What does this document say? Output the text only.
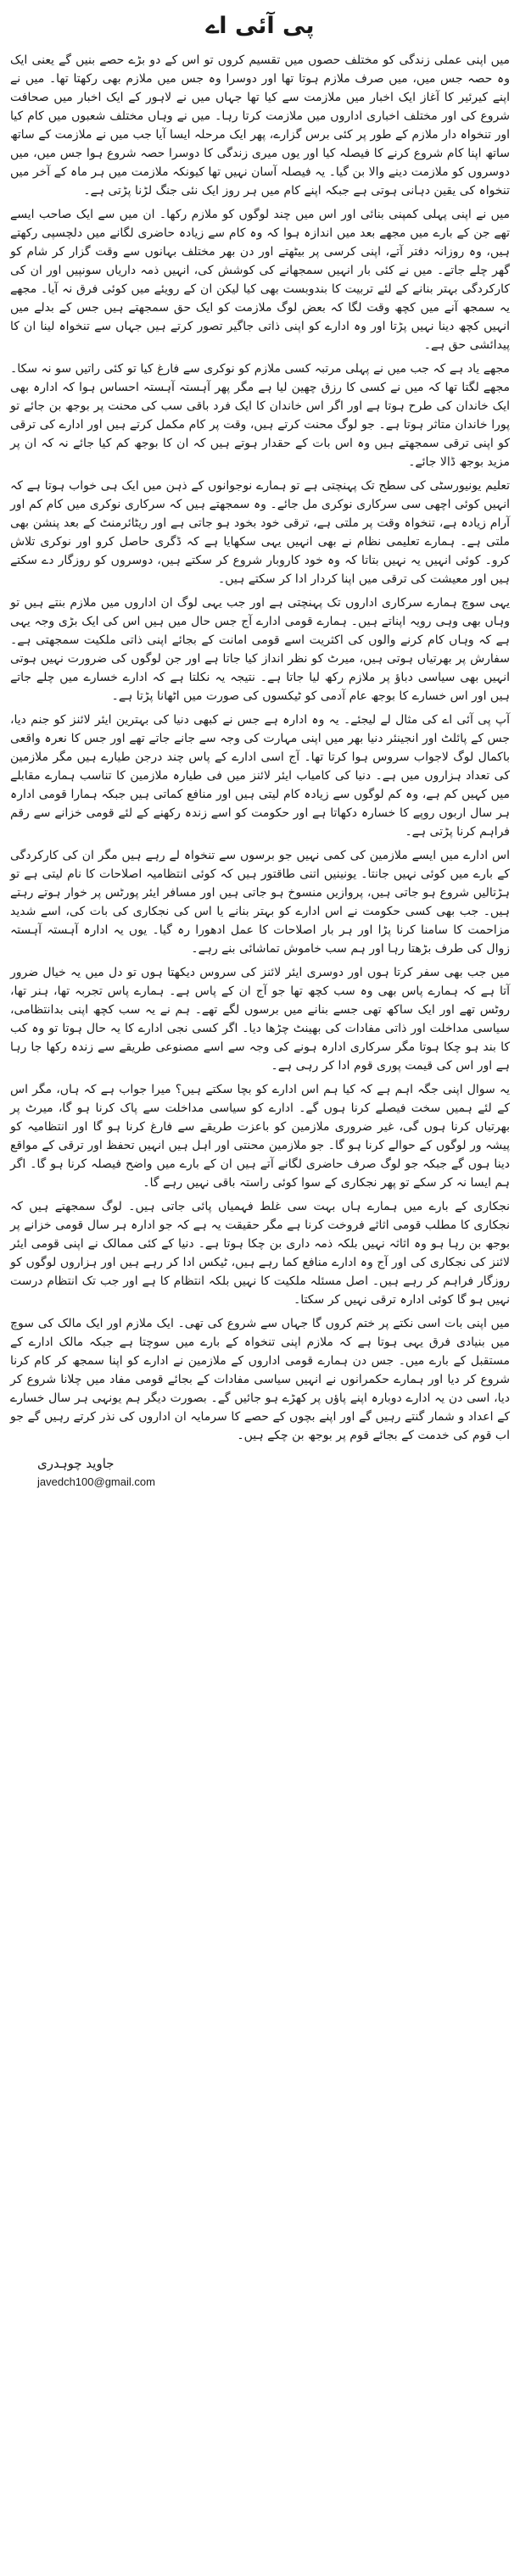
پی آئی اے

میں اپنی عملی زندگی کو مختلف حصوں میں تقسیم کروں تو اس کے دو بڑے حصے بنیں گے یعنی ایک وہ حصہ جس میں، میں صرف ملازم ہوتا تھا اور دوسرا وہ جس میں ملازم بھی رکھتا تھا۔ میں نے اپنے کیرئیر کا آغاز ایک اخبار میں ملازمت سے کیا تھا جہاں میں نے لاہور کے ایک اخبار میں صحافت شروع کی اور مختلف اخباری اداروں میں ملازمت کرتا رہا۔ میں نے وہاں مختلف شعبوں میں کام کیا اور تنخواہ دار ملازم کے طور پر کئی برس گزارے، پھر ایک مرحلہ ایسا آیا جب میں نے ملازمت کے ساتھ ساتھ اپنا کام شروع کرنے کا فیصلہ کیا اور یوں میری زندگی کا دوسرا حصہ شروع ہوا جس میں، میں دوسروں کو ملازمت دینے والا بن گیا۔ یہ فیصلہ آسان نہیں تھا کیونکہ ملازمت میں ہر ماہ کے آخر میں تنخواہ کی یقین دہانی ہوتی ہے جبکہ اپنے کام میں ہر روز ایک نئی جنگ لڑنا پڑتی ہے۔

میں نے اپنی پہلی کمپنی بنائی اور اس میں چند لوگوں کو ملازم رکھا۔ ان میں سے ایک صاحب ایسے تھے جن کے بارے میں مجھے بعد میں اندازہ ہوا کہ وہ کام سے زیادہ حاضری لگانے میں دلچسپی رکھتے ہیں، وہ روزانہ دفتر آتے، اپنی کرسی پر بیٹھتے اور دن بھر مختلف بہانوں سے وقت گزار کر شام کو گھر چلے جاتے۔ میں نے کئی بار انہیں سمجھانے کی کوشش کی، انہیں ذمہ داریاں سونپیں اور ان کی کارکردگی بہتر بنانے کے لئے تربیت کا بندوبست بھی کیا لیکن ان کے رویئے میں کوئی فرق نہ آیا۔ مجھے یہ سمجھ آنے میں کچھ وقت لگا کہ بعض لوگ ملازمت کو ایک حق سمجھتے ہیں جس کے بدلے میں انہیں کچھ دینا نہیں پڑتا اور وہ ادارے کو اپنی ذاتی جاگیر تصور کرتے ہیں جہاں سے تنخواہ لینا ان کا پیدائشی حق ہے۔

مجھے یاد ہے کہ جب میں نے پہلی مرتبہ کسی ملازم کو نوکری سے فارغ کیا تو کئی راتیں سو نہ سکا۔ مجھے لگتا تھا کہ میں نے کسی کا رزق چھین لیا ہے مگر پھر آہستہ آہستہ احساس ہوا کہ ادارہ بھی ایک خاندان کی طرح ہوتا ہے اور اگر اس خاندان کا ایک فرد باقی سب کی محنت پر بوجھ بن جائے تو پورا خاندان متاثر ہوتا ہے۔ جو لوگ محنت کرتے ہیں، وقت پر کام مکمل کرتے ہیں اور ادارے کی ترقی کو اپنی ترقی سمجھتے ہیں وہ اس بات کے حقدار ہوتے ہیں کہ ان کا بوجھ کم کیا جائے نہ کہ ان پر مزید بوجھ ڈالا جائے۔

تعلیم یونیورسٹی کی سطح تک پہنچتی ہے تو ہمارے نوجوانوں کے ذہن میں ایک ہی خواب ہوتا ہے کہ انہیں کوئی اچھی سی سرکاری نوکری مل جائے۔ وہ سمجھتے ہیں کہ سرکاری نوکری میں کام کم اور آرام زیادہ ہے، تنخواہ وقت پر ملتی ہے، ترقی خود بخود ہو جاتی ہے اور ریٹائرمنٹ کے بعد پنشن بھی ملتی ہے۔ ہمارے تعلیمی نظام نے بھی انہیں یہی سکھایا ہے کہ ڈگری حاصل کرو اور نوکری تلاش کرو۔ کوئی انہیں یہ نہیں بتاتا کہ وہ خود کاروبار شروع کر سکتے ہیں، دوسروں کو روزگار دے سکتے ہیں اور معیشت کی ترقی میں اپنا کردار ادا کر سکتے ہیں۔

یہی سوچ ہمارے سرکاری اداروں تک پہنچتی ہے اور جب یہی لوگ ان اداروں میں ملازم بنتے ہیں تو وہاں بھی وہی رویہ اپناتے ہیں۔ ہمارے قومی ادارے آج جس حال میں ہیں اس کی ایک بڑی وجہ یہی ہے کہ وہاں کام کرنے والوں کی اکثریت اسے قومی امانت کے بجائے اپنی ذاتی ملکیت سمجھتی ہے۔ سفارش پر بھرتیاں ہوتی ہیں، میرٹ کو نظر انداز کیا جاتا ہے اور جن لوگوں کی ضرورت نہیں ہوتی انہیں بھی سیاسی دباؤ پر ملازم رکھ لیا جاتا ہے۔ نتیجہ یہ نکلتا ہے کہ ادارے خسارے میں چلے جاتے ہیں اور اس خسارے کا بوجھ عام آدمی کو ٹیکسوں کی صورت میں اٹھانا پڑتا ہے۔

آپ پی آئی اے کی مثال لے لیجئے۔ یہ وہ ادارہ ہے جس نے کبھی دنیا کی بہترین ایئر لائنز کو جنم دیا، جس کے پائلٹ اور انجینئر دنیا بھر میں اپنی مہارت کی وجہ سے جانے جاتے تھے اور جس کا نعرہ واقعی باکمال لوگ لاجواب سروس ہوا کرتا تھا۔ آج اسی ادارے کے پاس چند درجن طیارے ہیں مگر ملازمین کی تعداد ہزاروں میں ہے۔ دنیا کی کامیاب ایئر لائنز میں فی طیارہ ملازمین کا تناسب ہمارے مقابلے میں کہیں کم ہے، وہ کم لوگوں سے زیادہ کام لیتی ہیں اور منافع کماتی ہیں جبکہ ہمارا قومی ادارہ ہر سال اربوں روپے کا خسارہ دکھاتا ہے اور حکومت کو اسے زندہ رکھنے کے لئے قومی خزانے سے رقم فراہم کرنا پڑتی ہے۔

اس ادارے میں ایسے ملازمین کی کمی نہیں جو برسوں سے تنخواہ لے رہے ہیں مگر ان کی کارکردگی کے بارے میں کوئی نہیں جانتا۔ یونینیں اتنی طاقتور ہیں کہ کوئی انتظامیہ اصلاحات کا نام لیتی ہے تو ہڑتالیں شروع ہو جاتی ہیں، پروازیں منسوخ ہو جاتی ہیں اور مسافر ایئر پورٹس پر خوار ہوتے رہتے ہیں۔ جب بھی کسی حکومت نے اس ادارے کو بہتر بنانے یا اس کی نجکاری کی بات کی، اسے شدید مزاحمت کا سامنا کرنا پڑا اور ہر بار اصلاحات کا عمل ادھورا رہ گیا۔ یوں یہ ادارہ آہستہ آہستہ زوال کی طرف بڑھتا رہا اور ہم سب خاموش تماشائی بنے رہے۔

میں جب بھی سفر کرتا ہوں اور دوسری ایئر لائنز کی سروس دیکھتا ہوں تو دل میں یہ خیال ضرور آتا ہے کہ ہمارے پاس بھی وہ سب کچھ تھا جو آج ان کے پاس ہے۔ ہمارے پاس تجربہ تھا، ہنر تھا، روٹس تھے اور ایک ساکھ تھی جسے بنانے میں برسوں لگے تھے۔ ہم نے یہ سب کچھ اپنی بدانتظامی، سیاسی مداخلت اور ذاتی مفادات کی بھینٹ چڑھا دیا۔ اگر کسی نجی ادارے کا یہ حال ہوتا تو وہ کب کا بند ہو چکا ہوتا مگر سرکاری ادارہ ہونے کی وجہ سے اسے مصنوعی طریقے سے زندہ رکھا جا رہا ہے اور اس کی قیمت پوری قوم ادا کر رہی ہے۔

یہ سوال اپنی جگہ اہم ہے کہ کیا ہم اس ادارے کو بچا سکتے ہیں؟ میرا جواب ہے کہ ہاں، مگر اس کے لئے ہمیں سخت فیصلے کرنا ہوں گے۔ ادارے کو سیاسی مداخلت سے پاک کرنا ہو گا، میرٹ پر بھرتیاں کرنا ہوں گی، غیر ضروری ملازمین کو باعزت طریقے سے فارغ کرنا ہو گا اور انتظامیہ کو پیشہ ور لوگوں کے حوالے کرنا ہو گا۔ جو ملازمین محنتی اور اہل ہیں انہیں تحفظ اور ترقی کے مواقع دینا ہوں گے جبکہ جو لوگ صرف حاضری لگانے آتے ہیں ان کے بارے میں واضح فیصلہ کرنا ہو گا۔ اگر ہم ایسا نہ کر سکے تو پھر نجکاری کے سوا کوئی راستہ باقی نہیں رہے گا۔

نجکاری کے بارے میں ہمارے ہاں بہت سی غلط فہمیاں پائی جاتی ہیں۔ لوگ سمجھتے ہیں کہ نجکاری کا مطلب قومی اثاثے فروخت کرنا ہے مگر حقیقت یہ ہے کہ جو ادارہ ہر سال قومی خزانے پر بوجھ بن رہا ہو وہ اثاثہ نہیں بلکہ ذمہ داری بن چکا ہوتا ہے۔ دنیا کے کئی ممالک نے اپنی قومی ایئر لائنز کی نجکاری کی اور آج وہ ادارے منافع کما رہے ہیں، ٹیکس ادا کر رہے ہیں اور ہزاروں لوگوں کو روزگار فراہم کر رہے ہیں۔ اصل مسئلہ ملکیت کا نہیں بلکہ انتظام کا ہے اور جب تک انتظام درست نہیں ہو گا کوئی ادارہ ترقی نہیں کر سکتا۔

میں اپنی بات اسی نکتے پر ختم کروں گا جہاں سے شروع کی تھی۔ ایک ملازم اور ایک مالک کی سوچ میں بنیادی فرق یہی ہوتا ہے کہ ملازم اپنی تنخواہ کے بارے میں سوچتا ہے جبکہ مالک ادارے کے مستقبل کے بارے میں۔ جس دن ہمارے قومی اداروں کے ملازمین نے ادارے کو اپنا سمجھ کر کام کرنا شروع کر دیا اور ہمارے حکمرانوں نے انہیں سیاسی مفادات کے بجائے قومی مفاد میں چلانا شروع کر دیا، اسی دن یہ ادارے دوبارہ اپنے پاؤں پر کھڑے ہو جائیں گے۔ بصورت دیگر ہم یونہی ہر سال خسارے کے اعداد و شمار گنتے رہیں گے اور اپنے بچوں کے حصے کا سرمایہ ان اداروں کی نذر کرتے رہیں گے جو اب قوم کی خدمت کے بجائے قوم پر بوجھ بن چکے ہیں۔

جاوید چوہدری
javedch100@gmail.com
